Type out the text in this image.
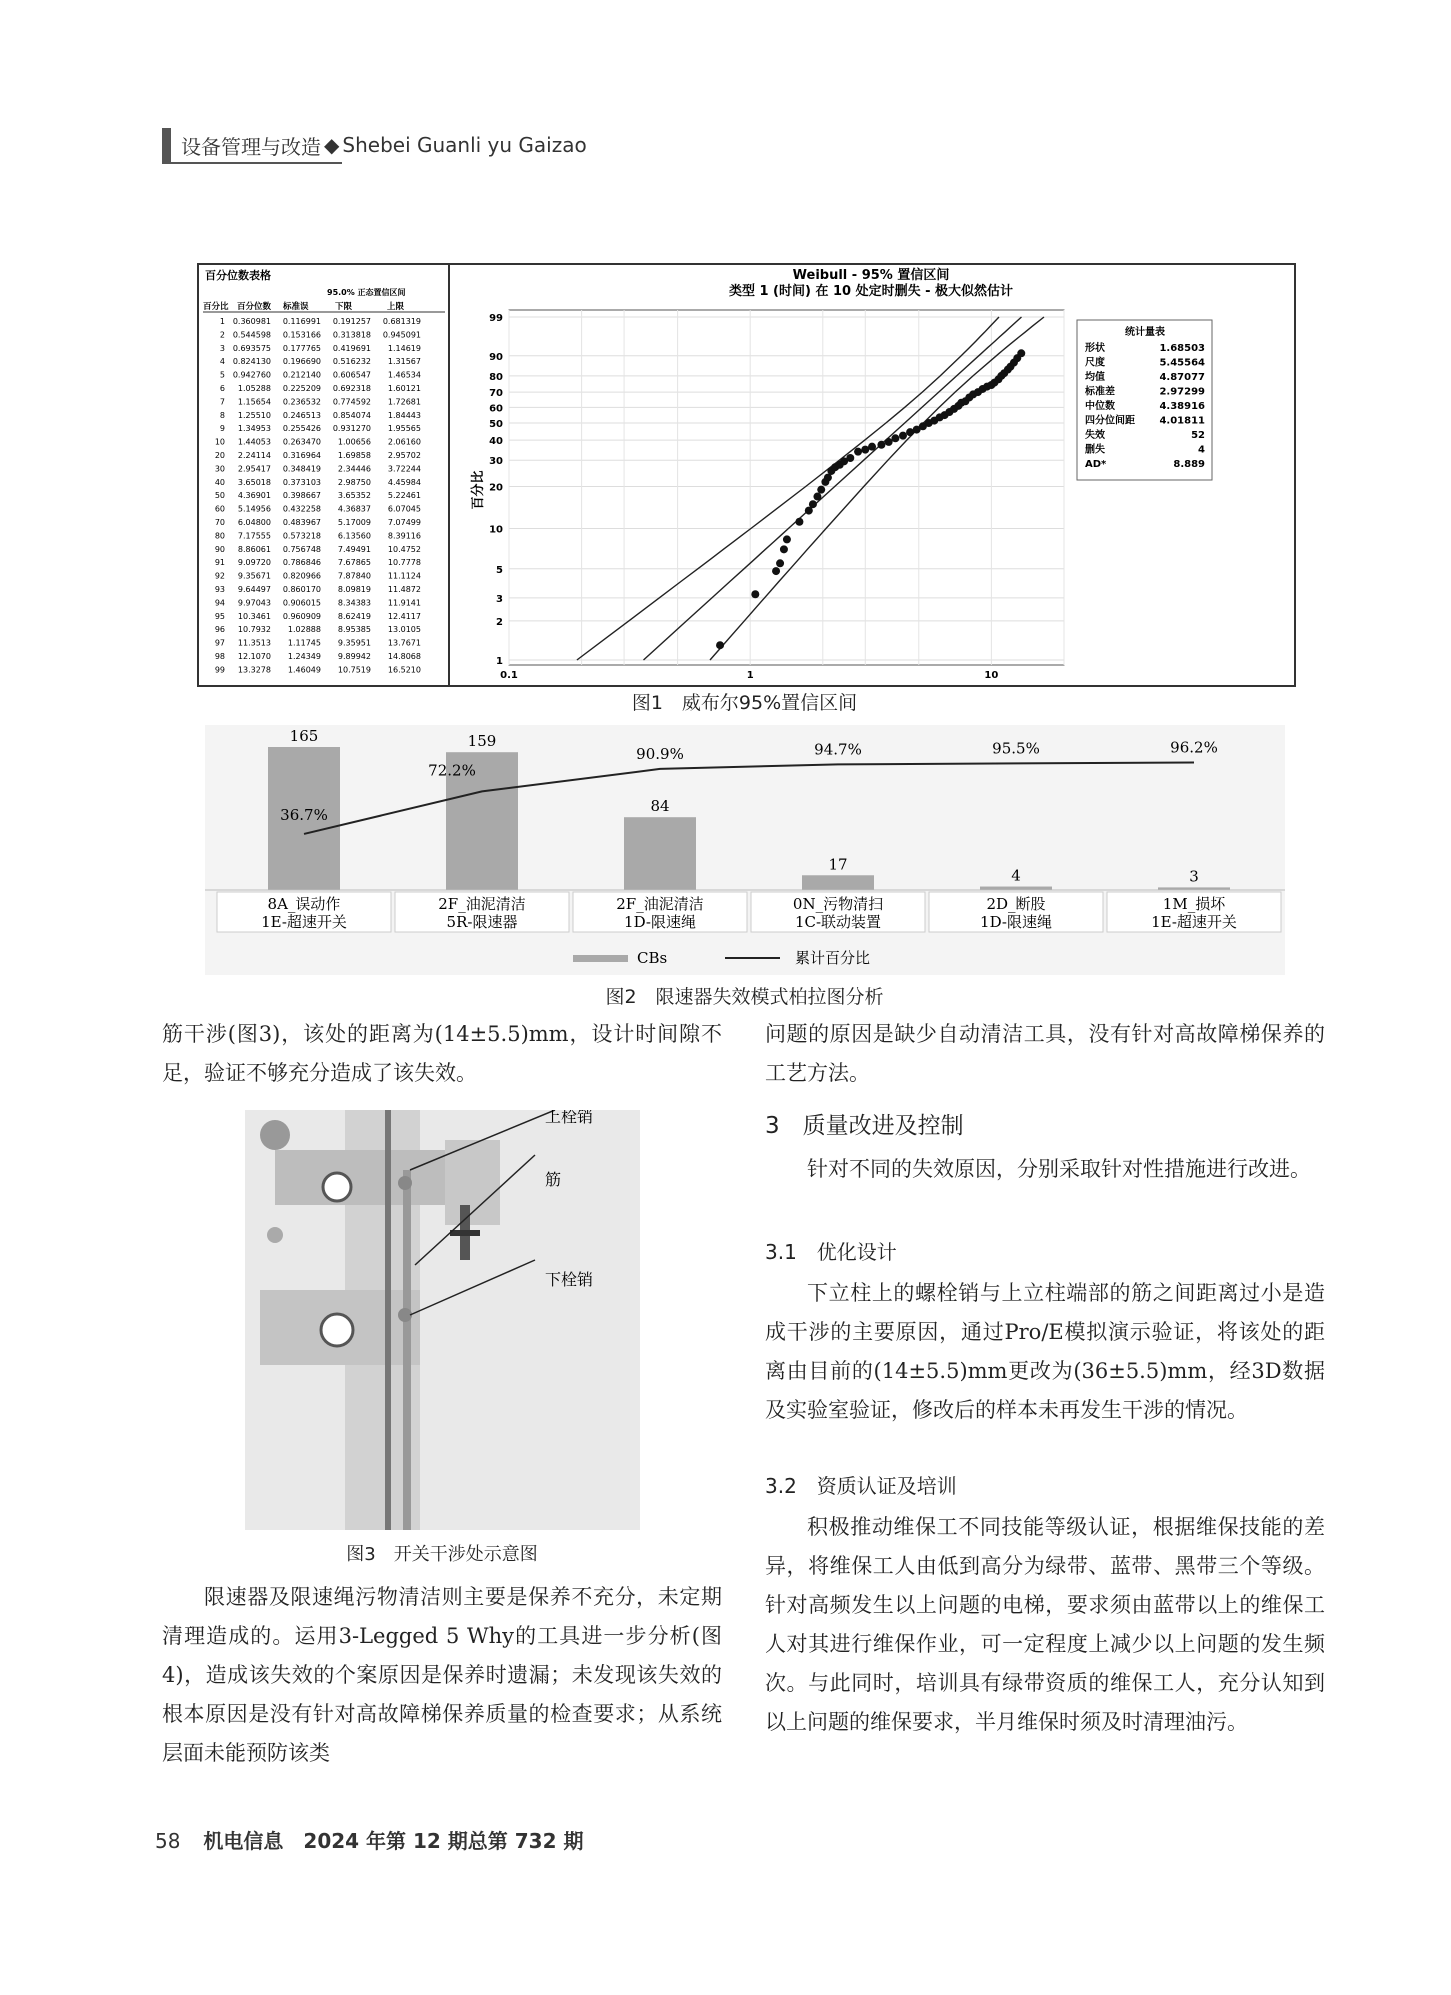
设备管理与改造 ◆ Shebei Guanli yu Gaizao
百分位数表格
95.0% 正态置信区间
百分比 百分位数 标准误	下限	上限
1 0.360981 0.116991 0.191257 0.681319
2 0.544598 0.153166 0.313818 0.945091
3 0.693575 0.177765 0.419691 1.14619
4 0.824130 0.196690 0.516232 1.31567
5 0.942760 0.212140 0.606547 1.46534
6 1.05288 0.225209 0.692318 1.60121
7 1.15654 0.236532 0.774592 1.72681
8 1.25510 0.246513 0.854074 1.84443
9 1.34953 0.255426 0.931270 1.95565
10 1.44053 0.263470 1.00656 2.06160
20 2.24114 0.316964 1.69858 2.95702
30 2.95417 0.348419 2.34446 3.72244
40 3.65018 0.373103 2.98750 4.45984
50 4.36901 0.398667 3.65352 5.22461
60 5.14956 0.432258 4.36837 6.07045
70 6.04800 0.483967 5.17009 7.07499
80 7.17555 0.573218 6.13560 8.39116
90 8.86061 0.756748 7.49491 10.4752
91 9.09720 0.786846 7.67865 10.7778
92 9.35671 0.820966 7.87840 11.1124
93 9.64497 0.860170 8.09819 11.4872
94 9.97043 0.906015 8.34383 11.9141
95 10.3461 0.960909 8.62419 12.4117
96 10.7932 1.02888 8.95385 13.0105
97 11.3513 1.11745 9.35951 13.7671
98 12.1070 1.24349 9.89942 14.8068
99 13.3278 1.46049 10.7519 16.5210
Weibull - 95% 置信区间
类型 1 (时间) 在 10 处定时删失 - 极大似然估计
99
90
80
70
60
50
40
30
20
10
5
3
2
1
0.1	1	10
百分比
统计量表
形状	1.68503
尺度	5.45564
均值	4.87077
标准差	2.97299
中位数	4.38916
四分位间距 4.01811
失效	52
删失	4
AD*	8.889
图1　威布尔95%置信区间
165	159
84
17
4	3
36.7%
72.2%
90.9%	94.7%	95.5%	96.2%
8A_误动作
1E-超速开关
2F_油泥清洁
5R-限速器
2F_油泥清洁
1D-限速绳
0N_污物清扫
1C-联动装置
2D_断股
1D-限速绳
1M_损坏
1E-超速开关
CBs	累计百分比
图2　限速器失效模式柏拉图分析
筋干涉(图3)，该处的距离为(14±5.5)mm，设计时间隙不足，验证不够充分造成了该失效。
上栓销
筋
下栓销
图3　开关干涉处示意图
限速器及限速绳污物清洁则主要是保养不充分，未定期清理造成的。运用3-Legged 5 Why的工具进一步分析(图4)，造成该失效的个案原因是保养时遗漏；未发现该失效的根本原因是没有针对高故障梯保养质量的检查要求；从系统层面未能预防该类
问题的原因是缺少自动清洁工具，没有针对高故障梯保养的工艺方法。
3　质量改进及控制
针对不同的失效原因，分别采取针对性措施进行改进。
3.1　优化设计
下立柱上的螺栓销与上立柱端部的筋之间距离过小是造成干涉的主要原因，通过Pro/E模拟演示验证，将该处的距离由目前的(14±5.5)mm更改为(36±5.5)mm，经3D数据及实验室验证，修改后的样本未再发生干涉的情况。
3.2　资质认证及培训
积极推动维保工不同技能等级认证，根据维保技能的差异，将维保工人由低到高分为绿带、蓝带、黑带三个等级。针对高频发生以上问题的电梯，要求须由蓝带以上的维保工人对其进行维保作业，可一定程度上减少以上问题的发生频次。与此同时，培训具有绿带资质的维保工人，充分认知到以上问题的维保要求，半月维保时须及时清理油污。
58 机电信息　2024 年第 12 期总第 732 期
